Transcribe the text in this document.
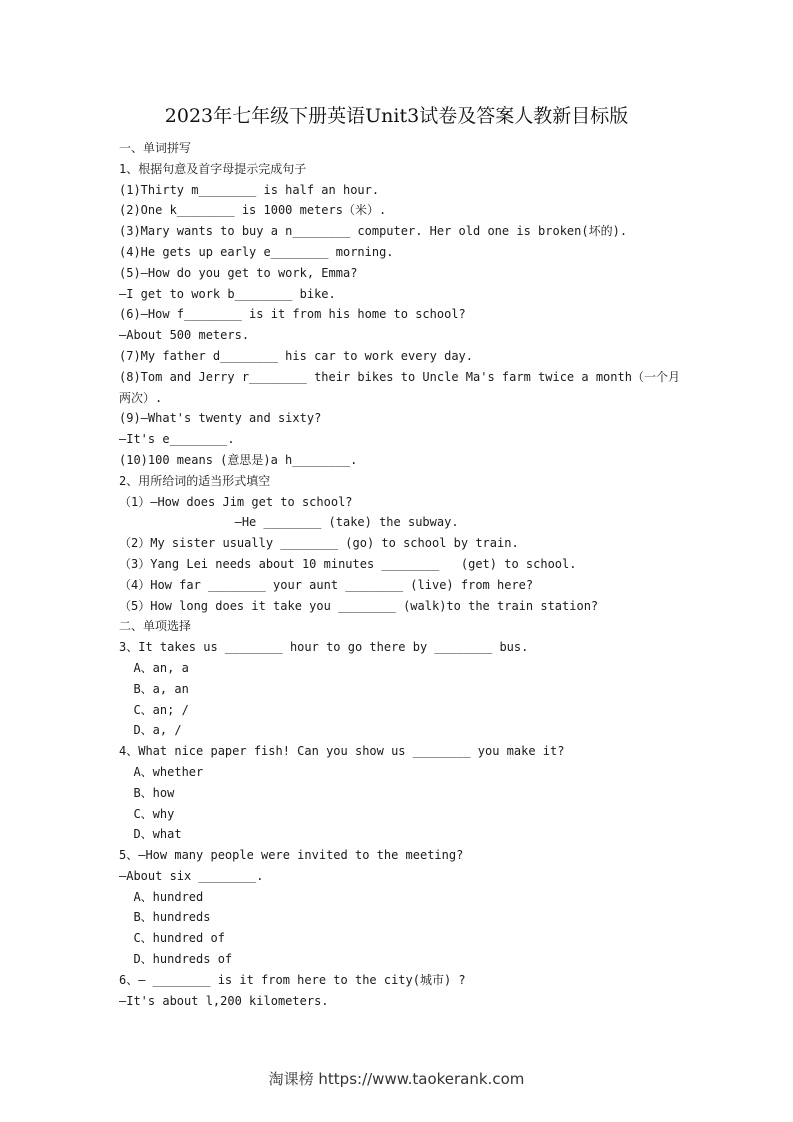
2023年七年级下册英语Unit3试卷及答案人教新目标版
一、单词拼写
1、根据句意及首字母提示完成句子
(1)Thirty m________ is half an hour.
(2)One k________ is 1000 meters（米）.
(3)Mary wants to buy a n________ computer. Her old one is broken(坏的).
(4)He gets up early e________ morning.
(5)—How do you get to work, Emma?
—I get to work b________ bike.
(6)—How f________ is it from his home to school?
—About 500 meters.
(7)My father d________ his car to work every day.
(8)Tom and Jerry r________ their bikes to Uncle Ma's farm twice a month（一个月
两次）.
(9)—What's twenty and sixty?
—It's e________.
(10)100 means (意思是)a h________.
2、用所给词的适当形式填空
（1）—How does Jim get to school?
—He ________ (take) the subway.
（2）My sister usually ________ (go) to school by train.
（3）Yang Lei needs about 10 minutes ________   (get) to school.
（4）How far ________ your aunt ________ (live) from here?
（5）How long does it take you ________ (walk)to the train station?
二、单项选择
3、It takes us ________ hour to go there by ________ bus.
A、an, a
B、a, an
C、an; /
D、a, /
4、What nice paper fish! Can you show us ________ you make it?
A、whether
B、how
C、why
D、what
5、—How many people were invited to the meeting?
—About six ________.
A、hundred
B、hundreds
C、hundred of
D、hundreds of
6、— ________ is it from here to the city(城市) ?
—It's about l,200 kilometers.
淘课榜 https://www.taokerank.com
